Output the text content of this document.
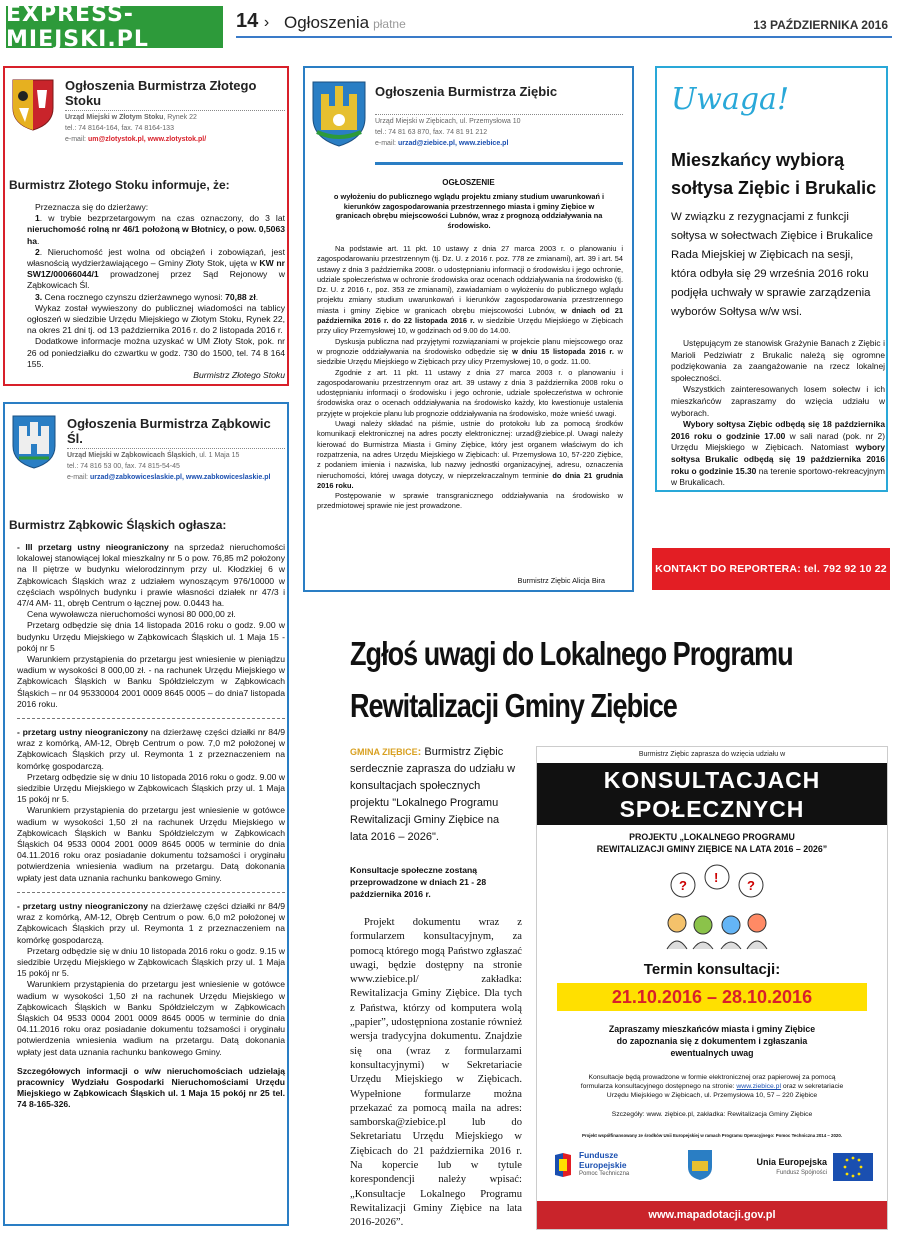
EXPRESS-MIEJSKI.PL
14 › Ogłoszenia płatne	13 PAŹDZIERNIKA 2016
Ogłoszenia Burmistrza Złotego Stoku
Urząd Miejski w Złotym Stoku, Rynek 22
tel.: 74 8164-164, fax. 74 8164-133
e-mail: um@zlotystok.pl, www.zlotystok.pl/
Burmistrz Złotego Stoku informuje, że:
Przeznacza się do dzierżawy:
1. w trybie bezprzetargowym na czas oznaczony, do 3 lat nieruchomość rolną nr 46/1 położoną w Błotnicy, o pow. 0,5063 ha.
2. Nieruchomość jest wolna od obciążeń i zobowiązań, jest własnością wydzierżawiającego – Gminy Złoty Stok, ujęta w KW nr SW1Z/00066044/1 prowadzonej przez Sąd Rejonowy w Ząbkowicach Śl.
3. Cena rocznego czynszu dzierżawnego wynosi: 70,88 zł.
Wykaz został wywieszony do publicznej wiadomości na tablicy ogłoszeń w siedzibie Urzędu Miejskiego w Złotym Stoku, Rynek 22, na okres 21 dni tj. od 13 października 2016 r. do 2 listopada 2016 r.
Dodatkowe informacje można uzyskać w UM Złoty Stok, pok. nr 26 od poniedziałku do czwartku w godz. 730 do 1500, tel. 74 8 164 155.
Burmistrz Złotego Stoku
Ogłoszenia Burmistrza Ząbkowic Śl.
Urząd Miejski w Ząbkowicach Śląskich, ul. 1 Maja 15
tel.: 74 816 53 00, fax. 74 815-54-45
e-mail: urzad@zabkowiceslaskie.pl, www.zabkowiceslaskie.pl
Burmistrz Ząbkowic Śląskich ogłasza:
- III przetarg ustny nieograniczony na sprzedaż nieruchomości lokalowej stanowiącej lokal mieszkalny nr 5 o pow. 76,85 m2 położony na II piętrze w budynku wielorodzinnym przy ul. Kłodzkiej 6 w Ząbkowicach Śląskich wraz z udziałem wynoszącym 976/10000 w częściach wspólnych budynku i prawie własności działek nr 47/3 i 47/4 AM- 11, obręb Centrum o łącznej pow. 0.0443 ha.
Cena wywoławcza nieruchomości wynosi 80 000,00 zł.
Przetarg odbędzie się dnia 14 listopada 2016 roku o godz. 9.00 w budynku Urzędu Miejskiego w Ząbkowicach Śląskich ul. 1 Maja 15 - pokój nr 5
Warunkiem przystąpienia do przetargu jest wniesienie w pieniądzu wadium w wysokości 8 000,00 zł. - na rachunek Urzędu Miejskiego w Ząbkowicach Śląskich w Banku Spółdzielczym w Ząbkowicach Śląskich – nr 04 95330004 2001 0009 8645 0005 – do dnia7 listopada 2016 roku.
- przetarg ustny nieograniczony na dzierżawę części działki nr 84/9 wraz z komórką, AM-12, Obręb Centrum o pow. 7,0 m2 położonej w Ząbkowicach Śląskich przy ul. Reymonta 1 z przeznaczeniem na komórkę gospodarczą.
Przetarg odbędzie się w dniu 10 listopada 2016 roku o godz. 9.00 w siedzibie Urzędu Miejskiego w Ząbkowicach Śląskich przy ul. 1 Maja 15 pokój nr 5.
Warunkiem przystąpienia do przetargu jest wniesienie w gotówce wadium w wysokości 1,50 zł na rachunek Urzędu Miejskiego w Ząbkowicach Śląskich w Banku Spółdzielczym w Ząbkowicach Śląskich 04 9533 0004 2001 0009 8645 0005 w terminie do dnia 04.11.2016 roku oraz posiadanie dokumentu tożsamości i oryginału potwierdzenia wniesienia wadium na przetargu. Datą dokonania wpłaty jest data uznania rachunku bankowego Gminy.
- przetarg ustny nieograniczony na dzierżawę części działki nr 84/9 wraz z komórką, AM-12, Obręb Centrum o pow. 6,0 m2 położonej w Ząbkowicach Śląskich przy ul. Reymonta 1 z przeznaczeniem na komórkę gospodarczą.
Przetarg odbędzie się w dniu 10 listopada 2016 roku o godz. 9.15 w siedzibie Urzędu Miejskiego w Ząbkowicach Śląskich przy ul. 1 Maja 15 pokój nr 5.
Warunkiem przystąpienia do przetargu jest wniesienie w gotówce wadium w wysokości 1,50 zł na rachunek Urzędu Miejskiego w Ząbkowicach Śląskich w Banku Spółdzielczym w Ząbkowicach Śląskich 04 9533 0004 2001 0009 8645 0005 w terminie do dnia 04.11.2016 roku oraz posiadanie dokumentu tożsamości i oryginału potwierdzenia wniesienia wadium na przetargu. Datą dokonania wpłaty jest data uznania rachunku bankowego Gminy.
Szczegółowych informacji o w/w nieruchomościach udzielają pracownicy Wydziału Gospodarki Nieruchomościami Urzędu Miejskiego w Ząbkowicach Śląskich ul. 1 Maja 15 pokój nr 25 tel. 74 8-165-326.
Ogłoszenia Burmistrza Ziębic
Urząd Miejski w Ziębicach, ul. Przemysłowa 10
tel.: 74 81 63 870, fax. 74 81 91 212
e-mail: urzad@ziebice.pl, www.ziebice.pl
OGŁOSZENIE
o wyłożeniu do publicznego wglądu projektu zmiany studium uwarunkowań i kierunków zagospodarowania przestrzennego miasta i gminy Ziębice w granicach obrębu miejscowości Lubnów, wraz z prognozą oddziaływania na środowisko.
Na podstawie art. 11 pkt. 10 ustawy z dnia 27 marca 2003 r. o planowaniu i zagospodarowaniu przestrzennym (tj. Dz. U. z 2016 r. poz. 778 ze zmianami), art. 39 i art. 54 ustawy z dnia 3 października 2008r. o udostępnianiu informacji o środowisku i jego ochronie, udziale społeczeństwa w ochronie środowiska oraz ocenach oddziaływania na środowisko (tj. Dz. U. z 2016 r., poz. 353 ze zmianami), zawiadamiam o wyłożeniu do publicznego wglądu projektu zmiany studium uwarunkowań i kierunków zagospodarowania przestrzennego miasta i gminy Ziębice w granicach obrębu miejscowości Lubnów, w dniach od 21 października 2016 r. do 22 listopada 2016 r. w siedzibie Urzędu Miejskiego w Ziębicach przy ulicy Przemysłowej 10, w godzinach od 9.00 do 14.00.
Dyskusja publiczna nad przyjętymi rozwiązaniami w projekcie planu miejscowego oraz w prognozie oddziaływania na środowisko odbędzie się w dniu 15 listopada 2016 r. w siedzibie Urzędu Miejskiego w Ziębicach przy ulicy Przemysłowej 10, o godz. 11.00.
Zgodnie z art. 11 pkt. 11 ustawy z dnia 27 marca 2003 r. o planowaniu i zagospodarowaniu przestrzennym oraz art. 39 ustawy z dnia 3 października 2008 roku o udostępnianiu informacji o środowisku i jego ochronie, udziale społeczeństwa w ochronie środowiska oraz o ocenach oddziaływania na środowisko każdy, kto kwestionuje ustalenia przyjęte w projekcie planu lub prognozie oddziaływania na środowisko, może wnieść uwagi.
Uwagi należy składać na piśmie, ustnie do protokołu lub za pomocą środków komunikacji elektronicznej na adres poczty elektronicznej: urzad@ziebice.pl. Uwagi należy kierować do Burmistrza Miasta i Gminy Ziębice, który jest organem właściwym do ich rozpatrzenia, na adres Urzędu Miejskiego w Ziębicach: ul. Przemysłowa 10, 57-220 Ziębice, z podaniem imienia i nazwiska, lub nazwy jednostki organizacyjnej, adresu, oznaczenia nieruchomości, której uwaga dotyczy, w nieprzekraczalnym terminie do dnia 21 grudnia 2016 roku.
Postępowanie w sprawie transgranicznego oddziaływania na środowisko w przedmiotowej sprawie nie jest prowadzone.
Burmistrz Ziębic Alicja Bira
Uwaga!
Mieszkańcy wybiorą sołtysa Ziębic i Brukalic
W związku z rezygnacjami z funkcji sołtysa w sołectwach Ziębice i Brukalice Rada Miejskiej w Ziębicach na sesji, która odbyła się 29 września 2016 roku podjęła uchwały w sprawie zarządzenia wyborów Sołtysa w/w wsi.
Ustępującym ze stanowisk Grażynie Banach z Ziębic i Marioli Pedziwiatr z Brukalic należą się ogromne podziękowania za zaangażowanie na rzecz lokalnej społeczności.
Wszystkich zainteresowanych losem sołectw i ich mieszkańców zapraszamy do wzięcia udziału w wyborach.
Wybory sołtysa Ziębic odbędą się 18 października 2016 roku o godzinie 17.00 w sali narad (pok. nr 2) Urzędu Miejskiego w Ziębicach. Natomiast wybory sołtysa Brukalic odbędą się 19 października 2016 roku o godzinie 15.30 na terenie sportowo-rekreacyjnym w Brukalicach.
KONTAKT DO REPORTERA: tel. 792 92 10 22
Zgłoś uwagi do Lokalnego Programu
Rewitalizacji Gminy Ziębice
GMINA ZIĘBICE: Burmistrz Ziębic serdecznie zaprasza do udziału w konsultacjach społecznych projektu "Lokalnego Programu Rewitalizacji Gminy Ziębice na lata 2016 – 2026".
Konsultacje społeczne zostaną przeprowadzone w dniach 21 - 28 października 2016 r.
Projekt dokumentu wraz z formularzem konsultacyjnym, za pomocą którego mogą Państwo zgłaszać uwagi, będzie dostępny na stronie www.ziebice.pl/ zakładka: Rewitalizacja Gminy Ziębice. Dla tych z Państwa, którzy od komputera wolą „papier”, udostępniona zostanie również wersja tradycyjna dokumentu. Znajdzie się ona (wraz z formularzami konsultacyjnymi) w Sekretariacie Urzędu Miejskiego w Ziębicach. Wypełnione formularze można przekazać za pomocą maila na adres: samborska@ziebice.pl lub do Sekretariatu Urzędu Miejskiego w Ziębicach do 21 października 2016 r. Na kopercie lub w tytule korespondencji należy wpisać: „Konsultacje Lokalnego Programu Rewitalizacji Gminy Ziębice na lata 2016-2026”.
Burmistrz Ziębic zaprasza do wzięcia udziału w
KONSULTACJACH
SPOŁECZNYCH
PROJEKTU „LOKALNEGO PROGRAMU
REWITALIZACJI GMINY ZIĘBICE NA LATA 2016 – 2026”
?
!
?
Termin konsultacji:
21.10.2016 – 28.10.2016
Zapraszamy mieszkańców miasta i gminy Ziębice
do zapoznania się z dokumentem i zgłaszania
ewentualnych uwag
Konsultacje będą prowadzone w formie elektronicznej oraz papierowej za pomocą
formularza konsultacyjnego dostępnego na stronie: www.ziebice.pl oraz w sekretariacie
Urzędu Miejskiego w Ziębicach, ul. Przemysłowa 10, 57 – 220 Ziębice
Szczegóły: www. ziębice.pl, zakładka: Rewitalizacja Gminy Ziębice
Projekt współfinansowany ze środków Unii Europejskiej w ramach Programu Operacyjnego: Pomoc Techniczna 2014 – 2020.
Fundusze
Europejskie
Pomoc Techniczna
Unia Europejska
Fundusz Spójności
www.mapadotacji.gov.pl
